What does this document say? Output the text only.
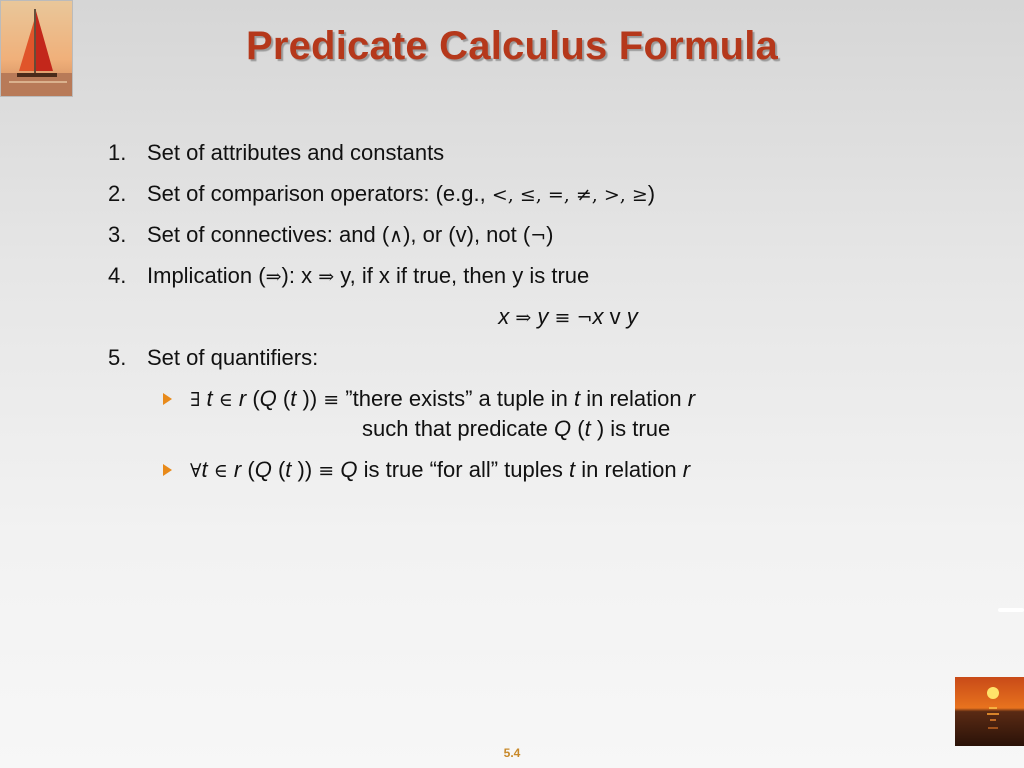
Predicate Calculus Formula
1. Set of attributes and constants
2. Set of comparison operators: (e.g., <, ≤, =, ≠, >, ≥)
3. Set of connectives: and (∧), or (v), not (¬)
4. Implication (⇒): x ⇒ y, if x if true, then y is true
x ⇒ y ≡ ¬x v y
5. Set of quantifiers:
∃ t ∈ r (Q (t )) ≡ ”there exists” a tuple in t in relation r
such that predicate Q (t ) is true
∀t ∈ r (Q (t )) ≡ Q is true “for all” tuples t in relation r
5.4
